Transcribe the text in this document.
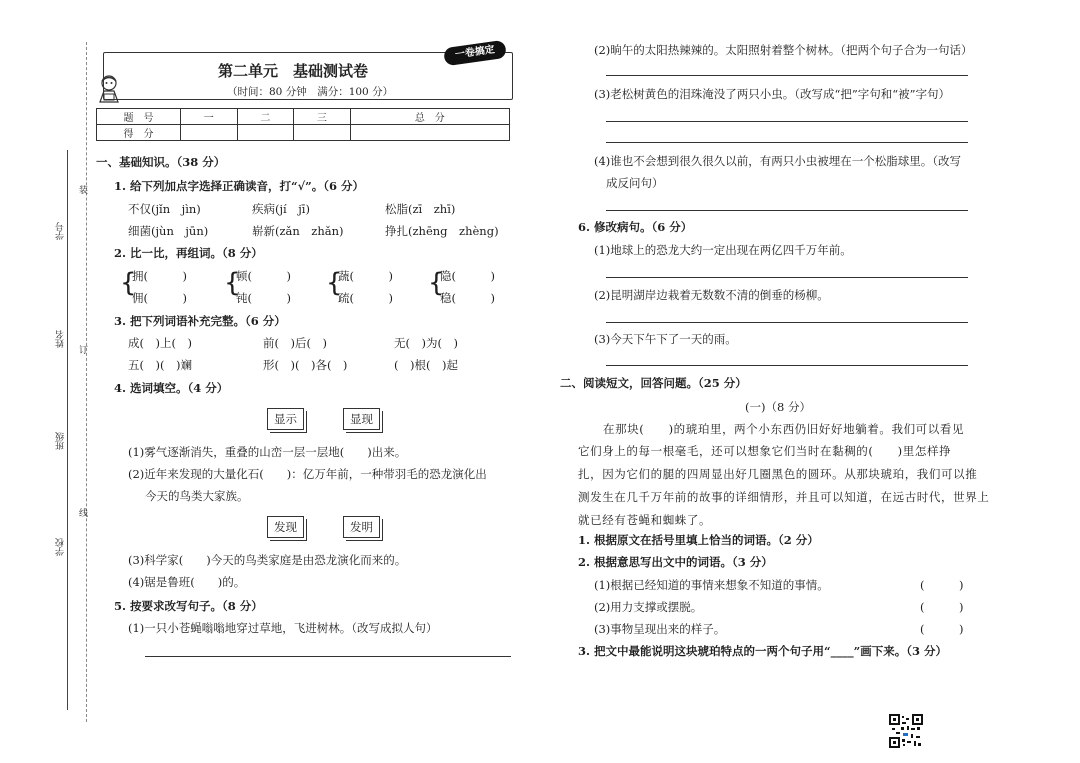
学号
姓名
班级
学校
装
订
线
一卷搞定
第二单元　基础测试卷
（时间：80 分钟　满分：100 分）
题　号	一	二	三	总　分
得　分				
一、基础知识。（38 分）
1. 给下列加点字选择正确读音，打“√”。（6 分）
不仅(jǐn　jìn)	疾病(jí　jī)	松脂(zī　zhī)
细菌(jùn　jūn)	崭新(zǎn　zhǎn)	挣扎(zhēng　zhèng)
2. 比一比，再组词。（8 分）
{
拥(　　　)
佣(　　　) {
顿(　　　)
钝(　　　) {
蔬(　　　)
疏(　　　) {
隐(　　　)
稳(　　　)
3. 把下列词语补充完整。（6 分）
成(　)上(　)	前(　)后(　)	无(　)为(　)
五(　)(　)斓	形(　)(　)各(　)	(　)根(　)起
4. 选词填空。（4 分）
显示	显现
(1)雾气逐渐消失，重叠的山峦一层一层地(　　)出来。
(2)近年来发现的大量化石(　　)：亿万年前，一种带羽毛的恐龙演化出
今天的鸟类大家族。
发现	发明
(3)科学家(　　)今天的鸟类家庭是由恐龙演化而来的。
(4)锯是鲁班(　　)的。
5. 按要求改写句子。（8 分）
(1)一只小苍蝇嗡嗡地穿过草地，飞进树林。（改写成拟人句）
(2)晌午的太阳热辣辣的。太阳照射着整个树林。（把两个句子合为一句话）
(3)老松树黄色的泪珠淹没了两只小虫。（改写成“把”字句和“被”字句）
(4)谁也不会想到很久很久以前，有两只小虫被埋在一个松脂球里。（改写
成反问句）
6. 修改病句。（6 分）
(1)地球上的恐龙大约一定出现在两亿四千万年前。
(2)昆明湖岸边栽着无数数不清的倒垂的杨柳。
(3)今天下午下了一天的雨。
二、阅读短文，回答问题。（25 分）
(一)（8 分）
在那块(　　)的琥珀里，两个小东西仍旧好好地躺着。我们可以看见
它们身上的每一根毫毛，还可以想象它们当时在黏稠的(　　)里怎样挣
扎，因为它们的腿的四周显出好几圈黑色的圆环。从那块琥珀，我们可以推
测发生在几千万年前的故事的详细情形，并且可以知道，在远古时代，世界上
就已经有苍蝇和蜘蛛了。
1. 根据原文在括号里填上恰当的词语。（2 分）
2. 根据意思写出文中的词语。（3 分）
(1)根据已经知道的事情来想象不知道的事情。	(　　　)
(2)用力支撑或摆脱。	(　　　)
(3)事物呈现出来的样子。	(　　　)
3. 把文中最能说明这块琥珀特点的一两个句子用“____”画下来。（3 分）
